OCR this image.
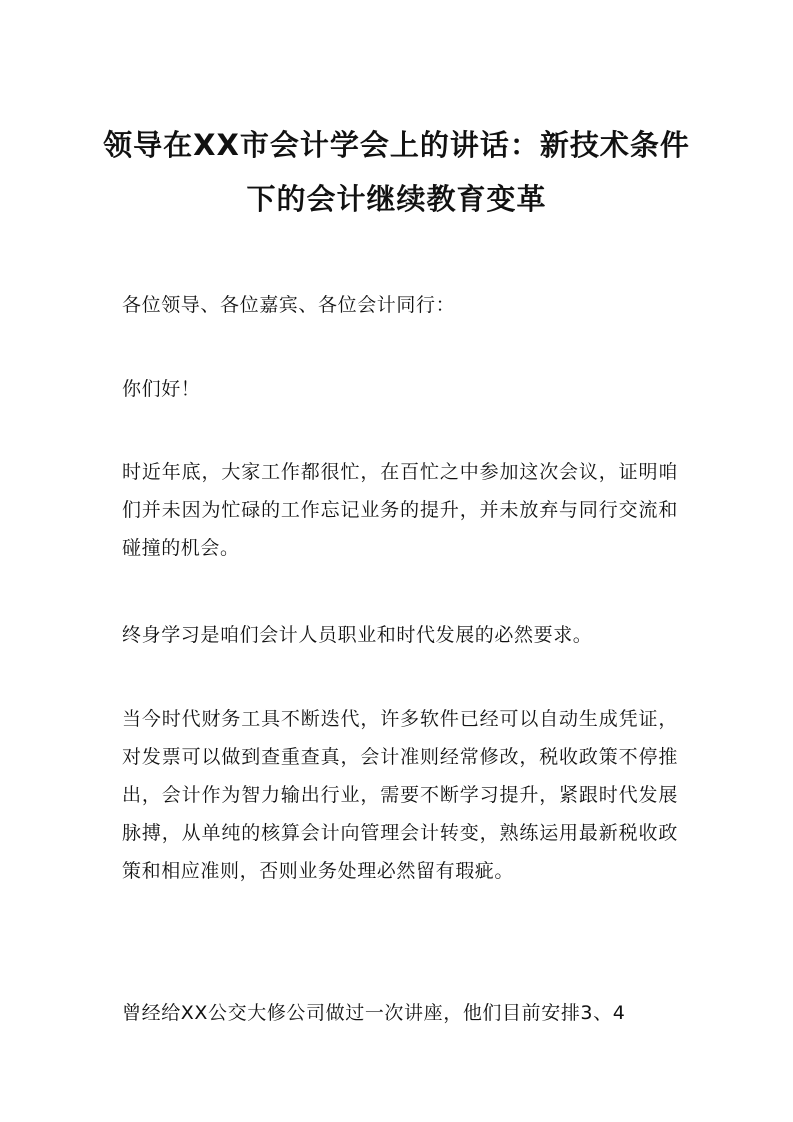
领导在XX市会计学会上的讲话：新技术条件下的会计继续教育变革

各位领导、各位嘉宾、各位会计同行：

你们好！

时近年底，大家工作都很忙，在百忙之中参加这次会议，证明咱们并未因为忙碌的工作忘记业务的提升，并未放弃与同行交流和碰撞的机会。

终身学习是咱们会计人员职业和时代发展的必然要求。

当今时代财务工具不断迭代，许多软件已经可以自动生成凭证，对发票可以做到查重查真，会计准则经常修改，税收政策不停推出，会计作为智力输出行业，需要不断学习提升，紧跟时代发展脉搏，从单纯的核算会计向管理会计转变，熟练运用最新税收政策和相应准则，否则业务处理必然留有瑕疵。

曾经给XX公交大修公司做过一次讲座，他们目前安排3、4
